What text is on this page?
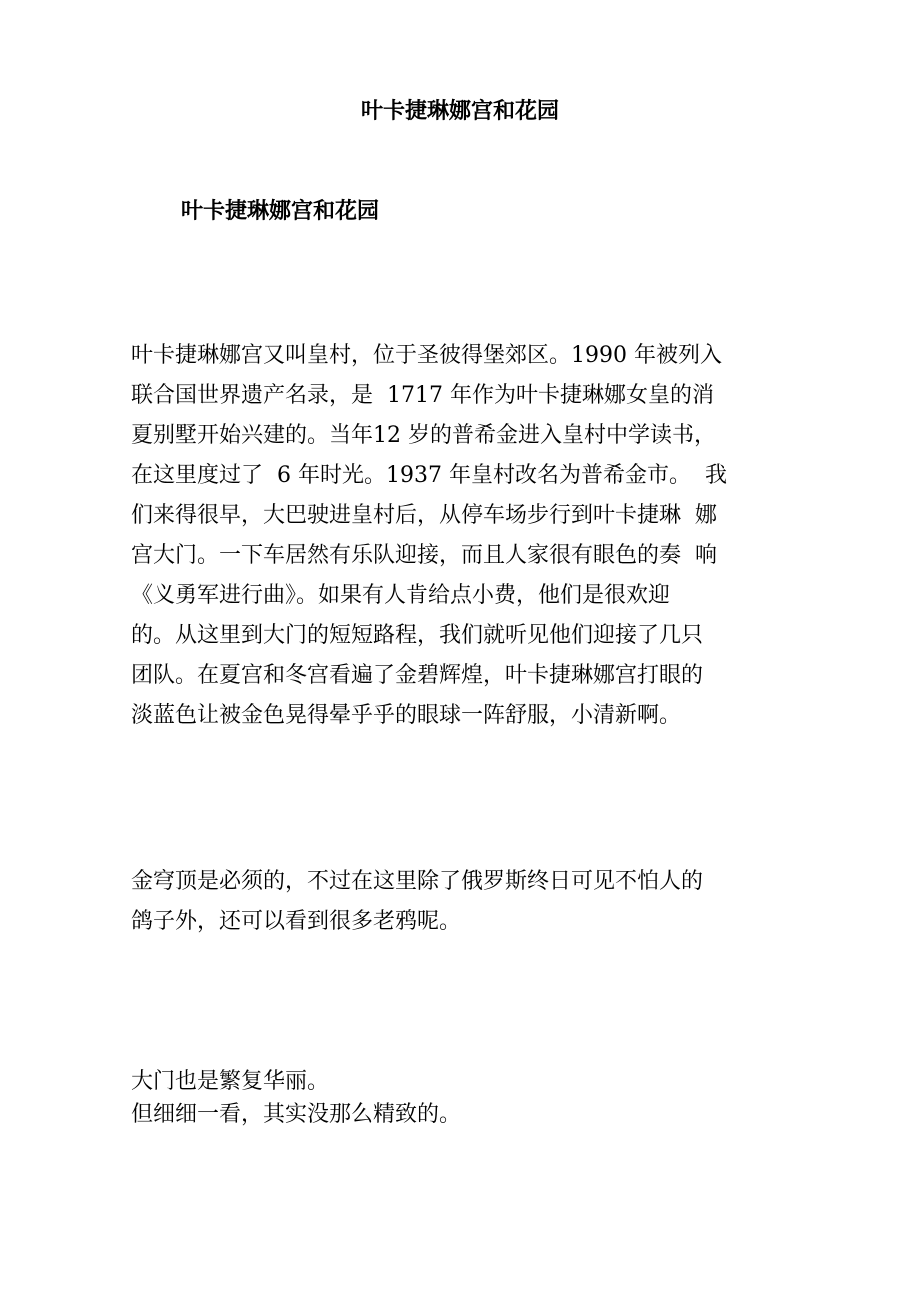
叶卡捷琳娜宫和花园
叶卡捷琳娜宫和花园

叶卡捷琳娜宫又叫皇村，位于圣彼得堡郊区。1990 年被列入

联合国世界遗产名录，是  1717 年作为叶卡捷琳娜女皇的消

夏别墅开始兴建的。当年12 岁的普希金进入皇村中学读书，

在这里度过了  6 年时光。1937 年皇村改名为普希金市。  我

们来得很早，大巴驶进皇村后，从停车场步行到叶卡捷琳  娜

宫大门。一下车居然有乐队迎接，而且人家很有眼色的奏  响

《义勇军进行曲》。如果有人肯给点小费，他们是很欢迎

的。从这里到大门的短短路程，我们就听见他们迎接了几只

团队。在夏宫和冬宫看遍了金碧辉煌，叶卡捷琳娜宫打眼的

淡蓝色让被金色晃得晕乎乎的眼球一阵舒服，小清新啊。

金穹顶是必须的，不过在这里除了俄罗斯终日可见不怕人的

鸽子外，还可以看到很多老鸦呢。

大门也是繁复华丽。

但细细一看，其实没那么精致的。
